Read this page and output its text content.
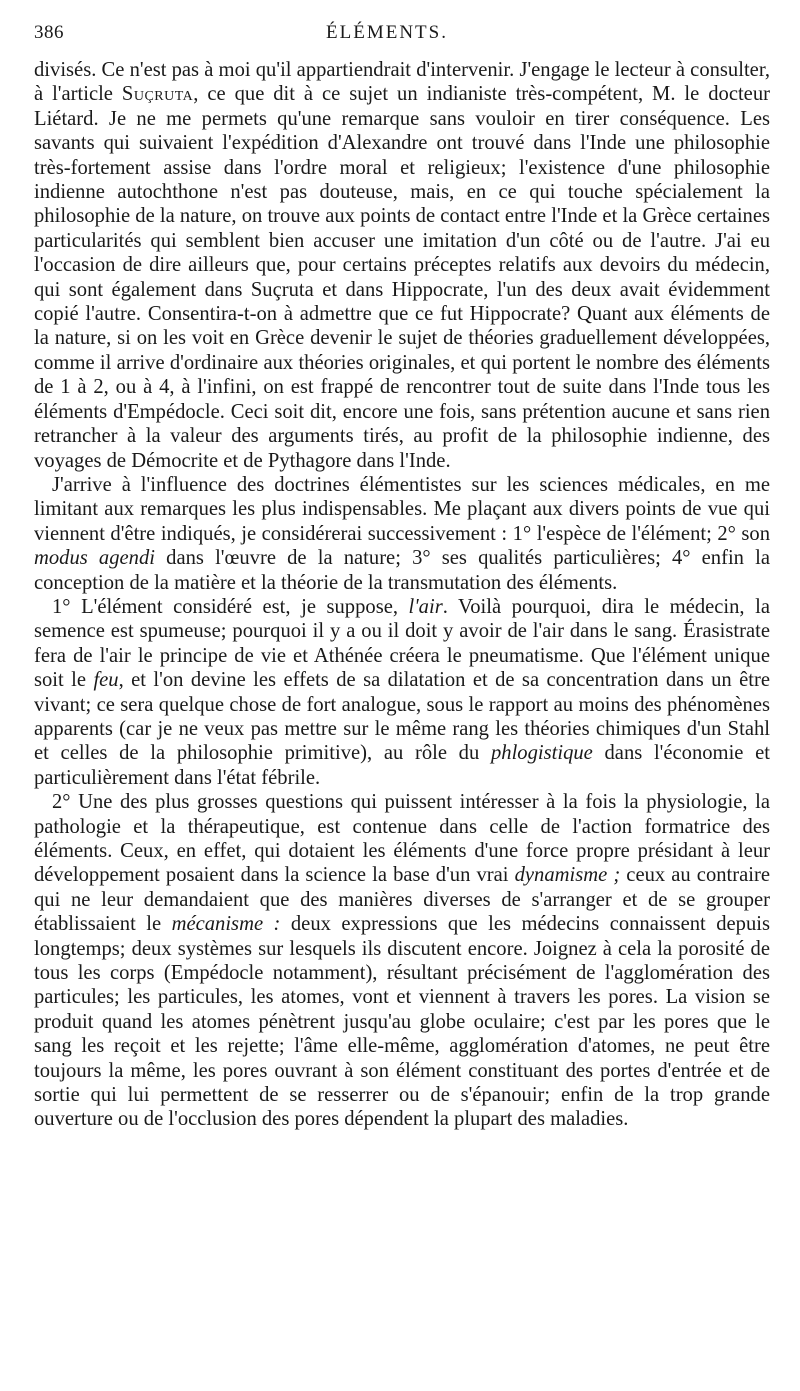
386	ÉLÉMENTS.

divisés. Ce n'est pas à moi qu'il appartiendrait d'intervenir. J'engage le lecteur à consulter, à l'article Suçruta, ce que dit à ce sujet un indianiste très-compétent, M. le docteur Liétard. Je ne me permets qu'une remarque sans vouloir en tirer conséquence. Les savants qui suivaient l'expédition d'Alexandre ont trouvé dans l'Inde une philosophie très-fortement assise dans l'ordre moral et religieux; l'existence d'une philosophie indienne autochthone n'est pas douteuse, mais, en ce qui touche spécialement la philosophie de la nature, on trouve aux points de contact entre l'Inde et la Grèce certaines particularités qui semblent bien accuser une imitation d'un côté ou de l'autre. J'ai eu l'occasion de dire ailleurs que, pour certains préceptes relatifs aux devoirs du médecin, qui sont également dans Suçruta et dans Hippocrate, l'un des deux avait évidemment copié l'autre. Consentira-t-on à admettre que ce fut Hippocrate? Quant aux éléments de la nature, si on les voit en Grèce devenir le sujet de théories graduellement développées, comme il arrive d'ordinaire aux théories originales, et qui portent le nombre des éléments de 1 à 2, ou à 4, à l'infini, on est frappé de rencontrer tout de suite dans l'Inde tous les éléments d'Empédocle. Ceci soit dit, encore une fois, sans prétention aucune et sans rien retrancher à la valeur des arguments tirés, au profit de la philosophie indienne, des voyages de Démocrite et de Pythagore dans l'Inde.

J'arrive à l'influence des doctrines élémentistes sur les sciences médicales, en me limitant aux remarques les plus indispensables. Me plaçant aux divers points de vue qui viennent d'être indiqués, je considérerai successivement : 1° l'espèce de l'élément; 2° son modus agendi dans l'œuvre de la nature; 3° ses qualités particulières; 4° enfin la conception de la matière et la théorie de la transmutation des éléments.

1° L'élément considéré est, je suppose, l'air. Voilà pourquoi, dira le médecin, la semence est spumeuse; pourquoi il y a ou il doit y avoir de l'air dans le sang. Érasistrate fera de l'air le principe de vie et Athénée créera le pneumatisme. Que l'élément unique soit le feu, et l'on devine les effets de sa dilatation et de sa concentration dans un être vivant; ce sera quelque chose de fort analogue, sous le rapport au moins des phénomènes apparents (car je ne veux pas mettre sur le même rang les théories chimiques d'un Stahl et celles de la philosophie primitive), au rôle du phlogistique dans l'économie et particulièrement dans l'état fébrile.

2° Une des plus grosses questions qui puissent intéresser à la fois la physiologie, la pathologie et la thérapeutique, est contenue dans celle de l'action formatrice des éléments. Ceux, en effet, qui dotaient les éléments d'une force propre présidant à leur développement posaient dans la science la base d'un vrai dynamisme ; ceux au contraire qui ne leur demandaient que des manières diverses de s'arranger et de se grouper établissaient le mécanisme : deux expressions que les médecins connaissent depuis longtemps; deux systèmes sur lesquels ils discutent encore. Joignez à cela la porosité de tous les corps (Empédocle notamment), résultant précisément de l'agglomération des particules; les particules, les atomes, vont et viennent à travers les pores. La vision se produit quand les atomes pénètrent jusqu'au globe oculaire; c'est par les pores que le sang les reçoit et les rejette; l'âme elle-même, agglomération d'atomes, ne peut être toujours la même, les pores ouvrant à son élément constituant des portes d'entrée et de sortie qui lui permettent de se resserrer ou de s'épanouir; enfin de la trop grande ouverture ou de l'occlusion des pores dépendent la plupart des maladies.
